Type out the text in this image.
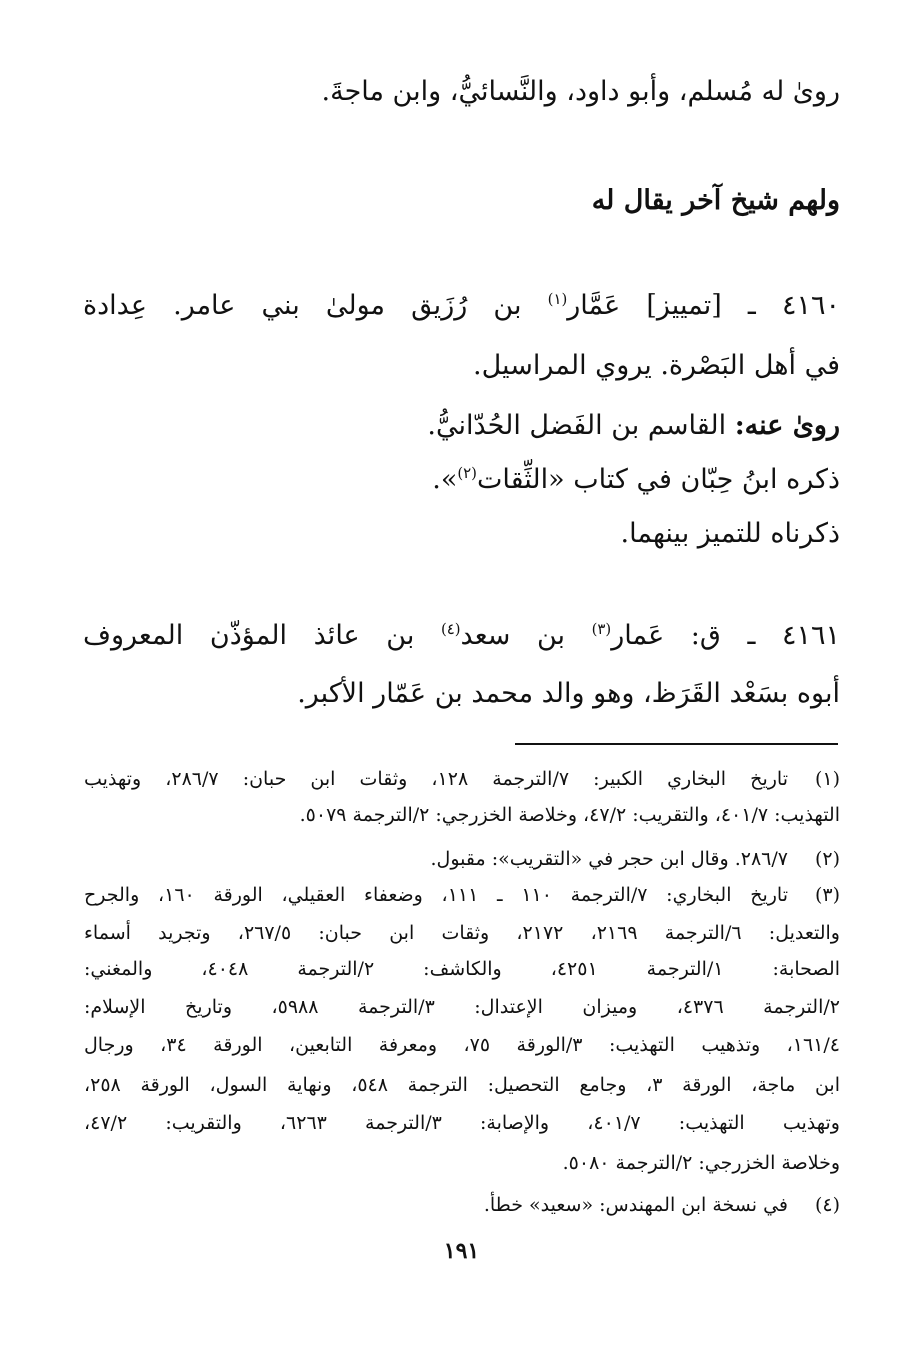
رویٰ له مُسلم، وأبو داود، والنَّسائيُّ، وابن ماجةَ.
ولهم شيخ آخر يقال له
٤١٦٠ ـ [تمييز] عَمَّار$^{(١)}$ بن رُزَيق مولىٰ بني عامر. عِدادة
في أهل البَصْرة. يروي المراسيل.
رویٰ عنه: القاسم بن الفَضل الحُدّانيُّ.
ذكره ابنُ حِبّان في كتاب «الثِّقات$^{(٢)}$».
ذكرناه للتميز بينهما.
٤١٦١ ـ ق: عَمار$^{(٣)}$ بن سعد$^{(٤)}$ بن عائذ المؤذّن المعروف
أبوه بسَعْد القَرَظ، وهو والد محمد بن عَمّار الأكبر.
(١)
تاريخ البخاري الكبير: ٧/الترجمة ١٢٨، وثقات ابن حبان: ٢٨٦/٧، وتهذيب
التهذيب: ٤٠١/٧، والتقريب: ٤٧/٢، وخلاصة الخزرجي: ٢/الترجمة ٥٠٧٩.
(٢)
٢٨٦/٧. وقال ابن حجر في «التقريب»: مقبول.
(٣)
تاريخ البخاري: ٧/الترجمة ١١٠ ـ ١١١، وضعفاء العقيلي، الورقة ١٦٠، والجرح
والتعديل: ٦/الترجمة ٢١٦٩، ٢١٧٢، وثقات ابن حبان: ٢٦٧/٥، وتجريد أسماء
الصحابة: ١/الترجمة ٤٢٥١، والكاشف: ٢/الترجمة ٤٠٤٨، والمغني:
٢/الترجمة ٤٣٧٦، وميزان الإعتدال: ٣/الترجمة ٥٩٨٨، وتاريخ الإسلام:
١٦١/٤، وتذهيب التهذيب: ٣/الورقة ٧٥، ومعرفة التابعين، الورقة ٣٤، ورجال
ابن ماجة، الورقة ٣، وجامع التحصيل: الترجمة ٥٤٨، ونهاية السول، الورقة ٢٥٨،
وتهذيب التهذيب: ٤٠١/٧، والإصابة: ٣/الترجمة ٦٢٦٣، والتقريب: ٤٧/٢،
وخلاصة الخزرجي: ٢/الترجمة ٥٠٨٠.
(٤)
في نسخة ابن المهندس: «سعيد» خطأ.
١٩١
